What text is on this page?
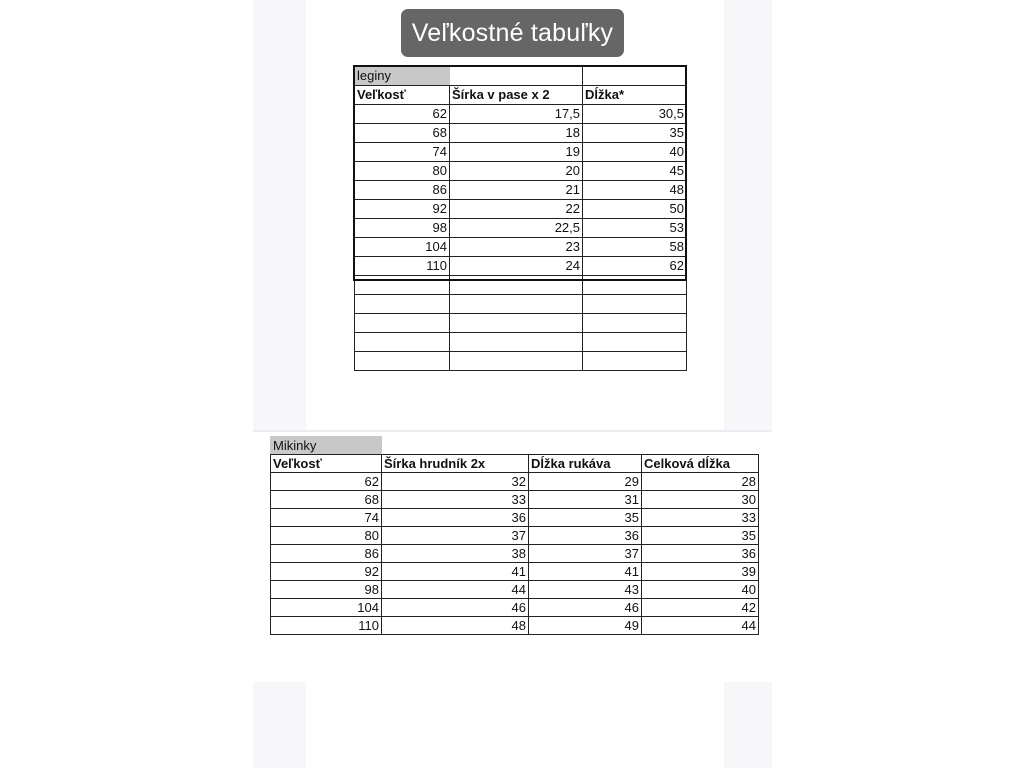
Veľkostné tabuľky
leginy		
Veľkosť	Šírka v pase x 2	Dĺžka*
62	17,5	30,5
68	18	35
74	19	40
80	20	45
86	21	48
92	22	50
98	22,5	53
104	23	58
110	24	62

Mikinky			
Veľkosť	Šírka hrudník 2x	Dĺžka rukáva	Celková dĺžka
62	32	29	28
68	33	31	30
74	36	35	33
80	37	36	35
86	38	37	36
92	41	41	39
98	44	43	40
104	46	46	42
110	48	49	44
